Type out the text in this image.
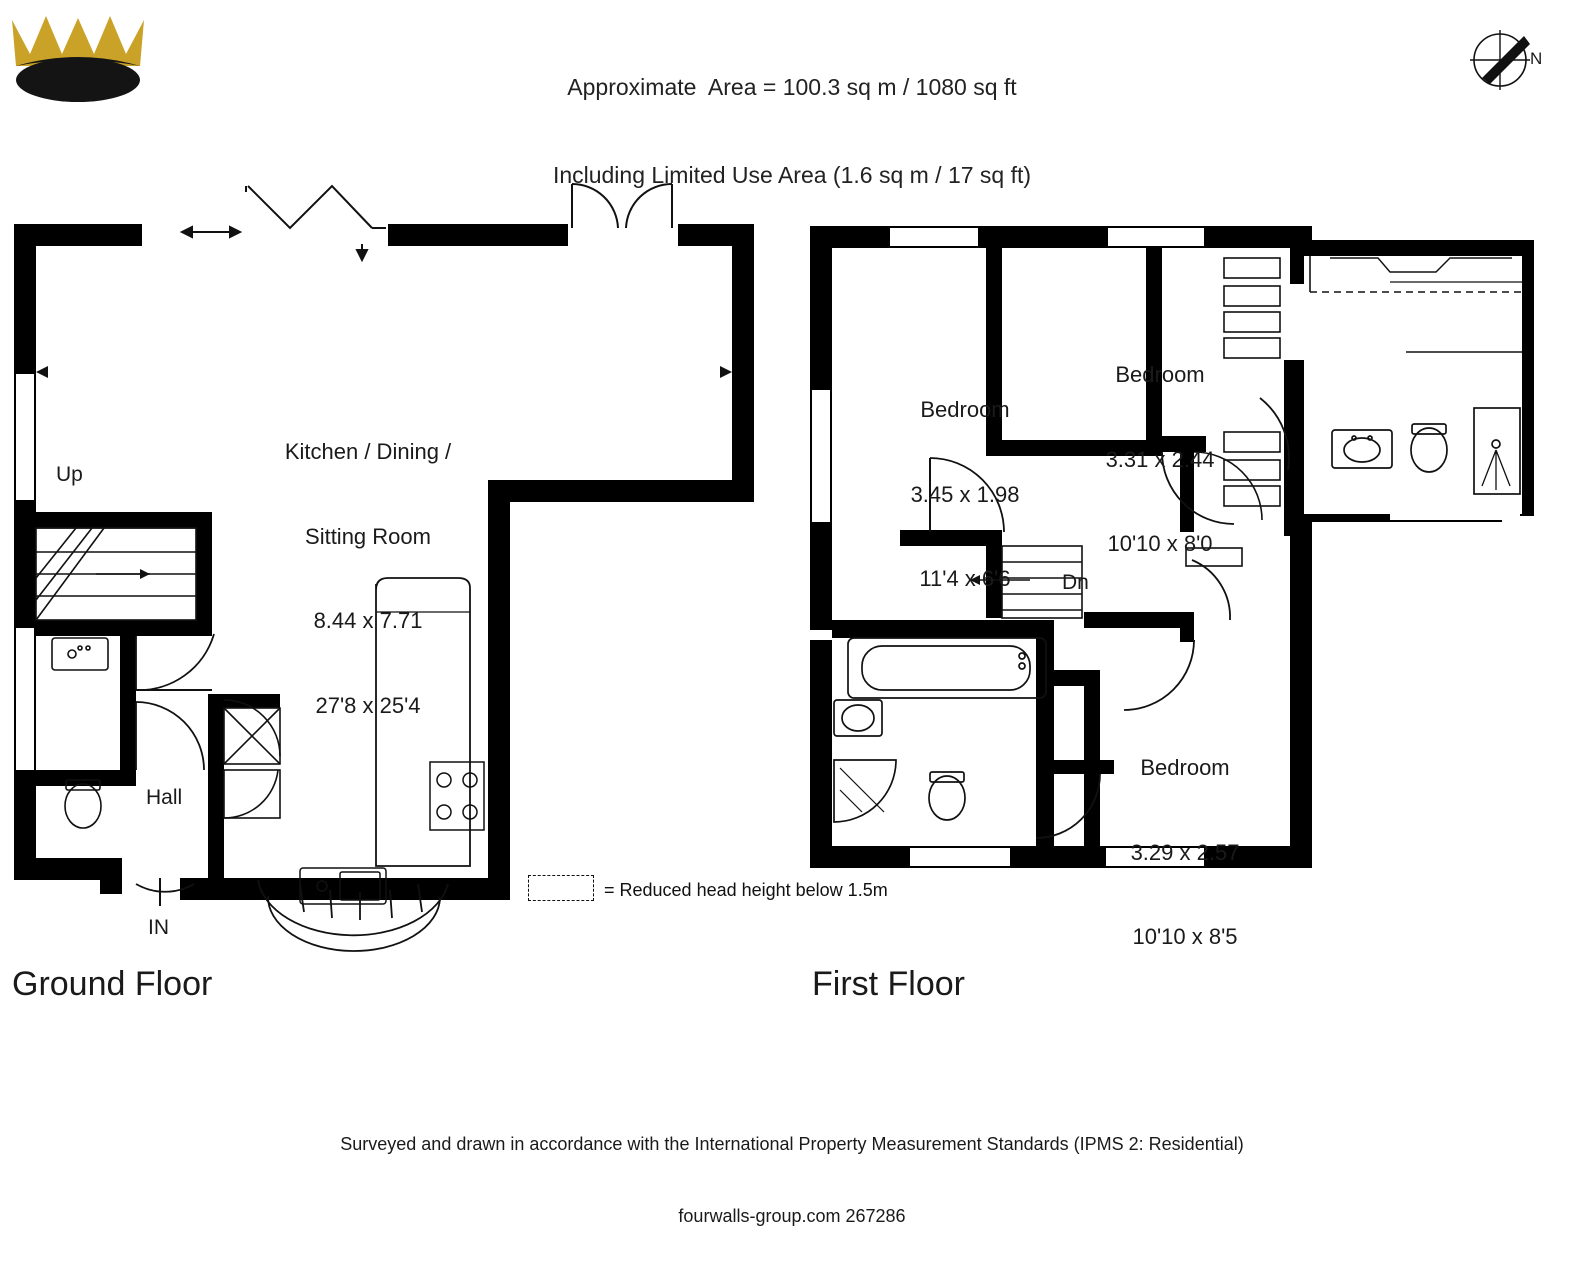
Approximate  Area = 100.3 sq m / 1080 sq ft

Including Limited Use Area (1.6 sq m / 17 sq ft)

N

Kitchen / Dining /

Sitting Room

8.44 x 7.71

27'8 x 25'4

Up
Hall
IN

Bedroom

3.45 x 1.98

11'4 x 6'6

Bedroom

3.31 x 2.44

10'10 x 8'0

Bedroom

3.29 x 2.57

10'10 x 8'5

Dn
Ground Floor	First Floor
= Reduced head height below 1.5m

Surveyed and drawn in accordance with the International Property Measurement Standards (IPMS 2: Residential)

fourwalls-group.com 267286
